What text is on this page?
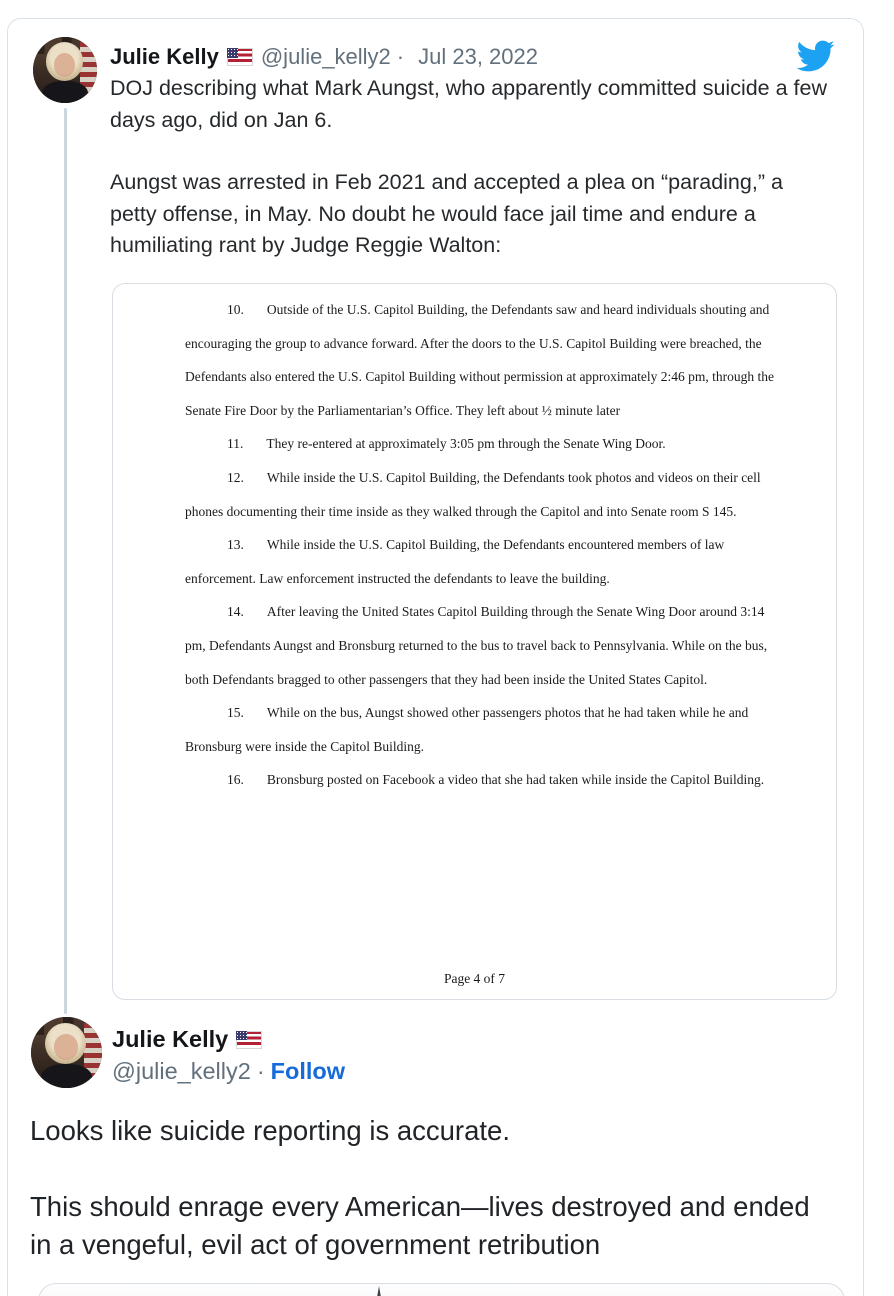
Julie Kelly @julie_kelly2 · Jul 23, 2022

DOJ describing what Mark Aungst, who apparently committed suicide a few days ago, did on Jan 6.

Aungst was arrested in Feb 2021 and accepted a plea on “parading,” a petty offense, in May. No doubt he would face jail time and endure a humiliating rant by Judge Reggie Walton:

10. Outside of the U.S. Capitol Building, the Defendants saw and heard individuals shouting and encouraging the group to advance forward. After the doors to the U.S. Capitol Building were breached, the Defendants also entered the U.S. Capitol Building without permission at approximately 2:46 pm, through the Senate Fire Door by the Parliamentarian’s Office. They left about ½ minute later

11. They re-entered at approximately 3:05 pm through the Senate Wing Door.

12. While inside the U.S. Capitol Building, the Defendants took photos and videos on their cell phones documenting their time inside as they walked through the Capitol and into Senate room S 145.

13. While inside the U.S. Capitol Building, the Defendants encountered members of law enforcement. Law enforcement instructed the defendants to leave the building.

14. After leaving the United States Capitol Building through the Senate Wing Door around 3:14 pm, Defendants Aungst and Bronsburg returned to the bus to travel back to Pennsylvania. While on the bus, both Defendants bragged to other passengers that they had been inside the United States Capitol.

15. While on the bus, Aungst showed other passengers photos that he had taken while he and Bronsburg were inside the Capitol Building.

16. Bronsburg posted on Facebook a video that she had taken while inside the Capitol Building.

Page 4 of 7
Julie Kelly
@julie_kelly2 · Follow

Looks like suicide reporting is accurate.

This should enrage every American—lives destroyed and ended in a vengeful, evil act of government retribution
